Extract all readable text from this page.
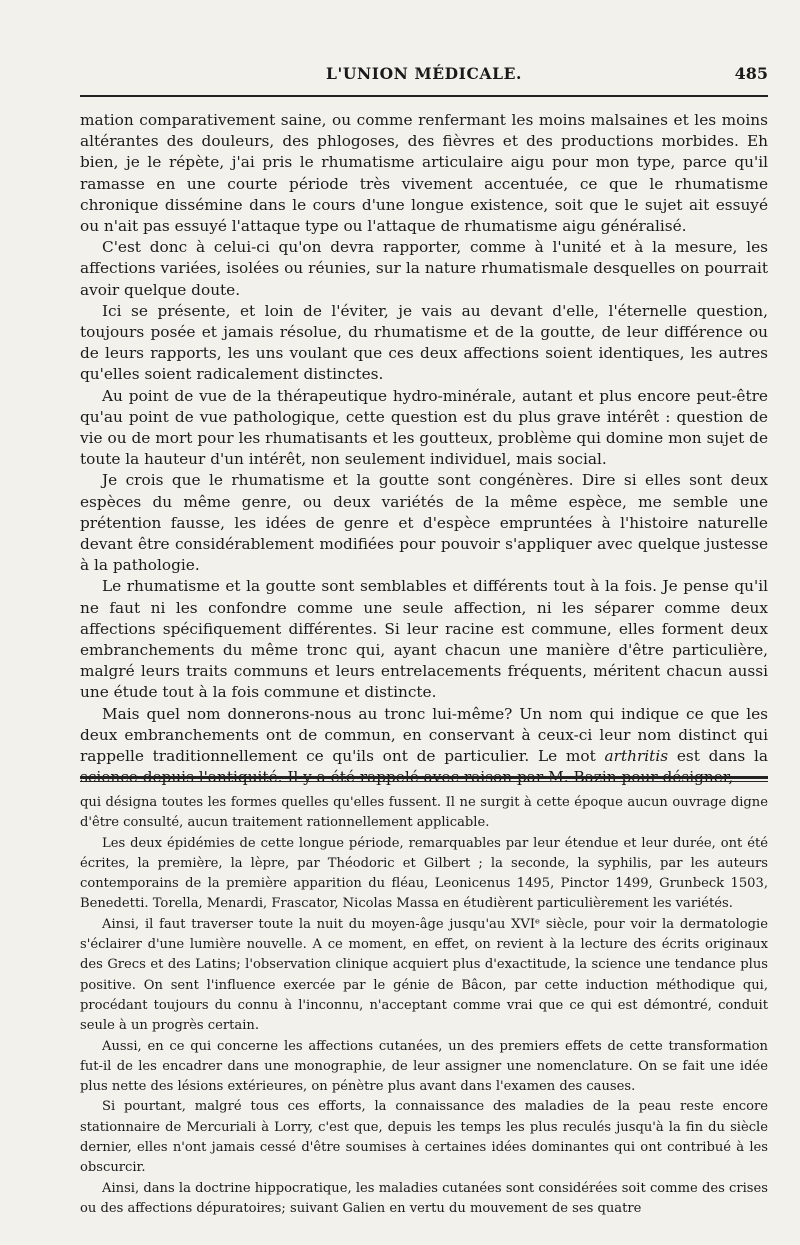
L'UNION MÉDICALE.	485

mation comparativement saine, ou comme renfermant les moins malsaines et les moins altérantes des douleurs, des phlogoses, des fièvres et des productions morbides. Eh bien, je le répète, j'ai pris le rhumatisme articulaire aigu pour mon type, parce qu'il ramasse en une courte période très vivement accentuée, ce que le rhumatisme chronique dissémine dans le cours d'une longue existence, soit que le sujet ait essuyé ou n'ait pas essuyé l'attaque type ou l'attaque de rhumatisme aigu généralisé.

C'est donc à celui-ci qu'on devra rapporter, comme à l'unité et à la mesure, les affections variées, isolées ou réunies, sur la nature rhumatismale desquelles on pourrait avoir quelque doute.

Ici se présente, et loin de l'éviter, je vais au devant d'elle, l'éternelle question, toujours posée et jamais résolue, du rhumatisme et de la goutte, de leur différence ou de leurs rapports, les uns voulant que ces deux affections soient identiques, les autres qu'elles soient radicalement distinctes.

Au point de vue de la thérapeutique hydro-minérale, autant et plus encore peut-être qu'au point de vue pathologique, cette question est du plus grave intérêt : question de vie ou de mort pour les rhumatisants et les goutteux, problème qui domine mon sujet de toute la hauteur d'un intérêt, non seulement individuel, mais social.

Je crois que le rhumatisme et la goutte sont congénères. Dire si elles sont deux espèces du même genre, ou deux variétés de la même espèce, me semble une prétention fausse, les idées de genre et d'espèce empruntées à l'histoire naturelle devant être considérablement modifiées pour pouvoir s'appliquer avec quelque justesse à la pathologie.

Le rhumatisme et la goutte sont semblables et différents tout à la fois. Je pense qu'il ne faut ni les confondre comme une seule affection, ni les séparer comme deux affections spécifiquement différentes. Si leur racine est commune, elles forment deux embranchements du même tronc qui, ayant chacun une manière d'être particulière, malgré leurs traits communs et leurs entrelacements fréquents, méritent chacun aussi une étude tout à la fois commune et distincte.

Mais quel nom donnerons-nous au tronc lui-même? Un nom qui indique ce que les deux embranchements ont de commun, en conservant à ceux-ci leur nom distinct qui rappelle traditionnellement ce qu'ils ont de particulier. Le mot arthritis est dans la

qui désigna toutes les formes quelles qu'elles fussent. Il ne surgit à cette époque aucun ouvrage digne d'être consulté, aucun traitement rationnellement applicable.

Les deux épidémies de cette longue période, remarquables par leur étendue et leur durée, ont été écrites, la première, la lèpre, par Théodoric et Gilbert ; la seconde, la syphilis, par les auteurs contemporains de la première apparition du fléau, Leonicenus 1495, Pinctor 1499, Grunbeck 1503, Benedetti. Torella, Menardi, Frascator, Nicolas Massa en étudièrent particulièrement les variétés.

Ainsi, il faut traverser toute la nuit du moyen-âge jusqu'au XVIᵉ siècle, pour voir la dermatologie s'éclairer d'une lumière nouvelle. A ce moment, en effet, on revient à la lecture des écrits originaux des Grecs et des Latins; l'observation clinique acquiert plus d'exactitude, la science une tendance plus positive. On sent l'influence exercée par le génie de Bâcon, par cette induction méthodique qui, procédant toujours du connu à l'inconnu, n'acceptant comme vrai que ce qui est démontré, conduit seule à un progrès certain.

Aussi, en ce qui concerne les affections cutanées, un des premiers effets de cette transformation fut-il de les encadrer dans une monographie, de leur assigner une nomenclature. On se fait une idée plus nette des lésions extérieures, on pénètre plus avant dans l'examen des causes.

Si pourtant, malgré tous ces efforts, la connaissance des maladies de la peau reste encore stationnaire de Mercuriali à Lorry, c'est que, depuis les temps les plus reculés jusqu'à la fin du siècle dernier, elles n'ont jamais cessé d'être soumises à certaines idées dominantes qui ont contribué à les obscurcir.

Ainsi, dans la doctrine hippocratique, les maladies cutanées sont considérées soit comme des crises ou des affections dépuratoires; suivant Galien en vertu du mouvement de ses quatre
